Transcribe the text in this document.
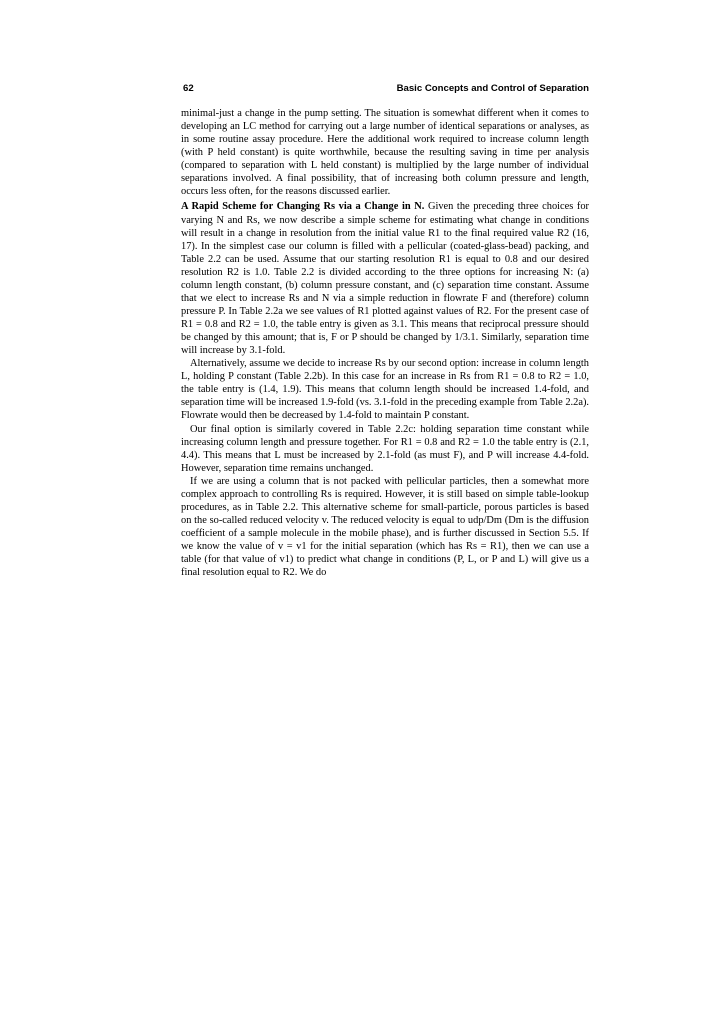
62	Basic Concepts and Control of Separation

minimal-just a change in the pump setting. The situation is somewhat different when it comes to developing an LC method for carrying out a large number of identical separations or analyses, as in some routine assay procedure. Here the additional work required to increase column length (with P held constant) is quite worthwhile, because the resulting saving in time per analysis (compared to separation with L held constant) is multiplied by the large number of individual separations involved. A final possibility, that of increasing both column pressure and length, occurs less often, for the reasons discussed earlier.

A Rapid Scheme for Changing Rs via a Change in N. Given the preceding three choices for varying N and Rs, we now describe a simple scheme for estimating what change in conditions will result in a change in resolution from the initial value R1 to the final required value R2 (16, 17). In the simplest case our column is filled with a pellicular (coated-glass-bead) packing, and Table 2.2 can be used. Assume that our starting resolution R1 is equal to 0.8 and our desired resolution R2 is 1.0. Table 2.2 is divided according to the three options for increasing N: (a) column length constant, (b) column pressure constant, and (c) separation time constant. Assume that we elect to increase Rs and N via a simple reduction in flowrate F and (therefore) column pressure P. In Table 2.2a we see values of R1 plotted against values of R2. For the present case of R1 = 0.8 and R2 = 1.0, the table entry is given as 3.1. This means that reciprocal pressure should be changed by this amount; that is, F or P should be changed by 1/3.1. Similarly, separation time will increase by 3.1-fold.

Alternatively, assume we decide to increase Rs by our second option: increase in column length L, holding P constant (Table 2.2b). In this case for an increase in Rs from R1 = 0.8 to R2 = 1.0, the table entry is (1.4, 1.9). This means that column length should be increased 1.4-fold, and separation time will be increased 1.9-fold (vs. 3.1-fold in the preceding example from Table 2.2a). Flowrate would then be decreased by 1.4-fold to maintain P constant.

Our final option is similarly covered in Table 2.2c: holding separation time constant while increasing column length and pressure together. For R1 = 0.8 and R2 = 1.0 the table entry is (2.1, 4.4). This means that L must be increased by 2.1-fold (as must F), and P will increase 4.4-fold. However, separation time remains unchanged.

If we are using a column that is not packed with pellicular particles, then a somewhat more complex approach to controlling Rs is required. However, it is still based on simple table-lookup procedures, as in Table 2.2. This alternative scheme for small-particle, porous particles is based on the so-called reduced velocity v. The reduced velocity is equal to udp/Dm (Dm is the diffusion coefficient of a sample molecule in the mobile phase), and is further discussed in Section 5.5. If we know the value of v = v1 for the initial separation (which has Rs = R1), then we can use a table (for that value of v1) to predict what change in conditions (P, L, or P and L) will give us a final resolution equal to R2. We do
